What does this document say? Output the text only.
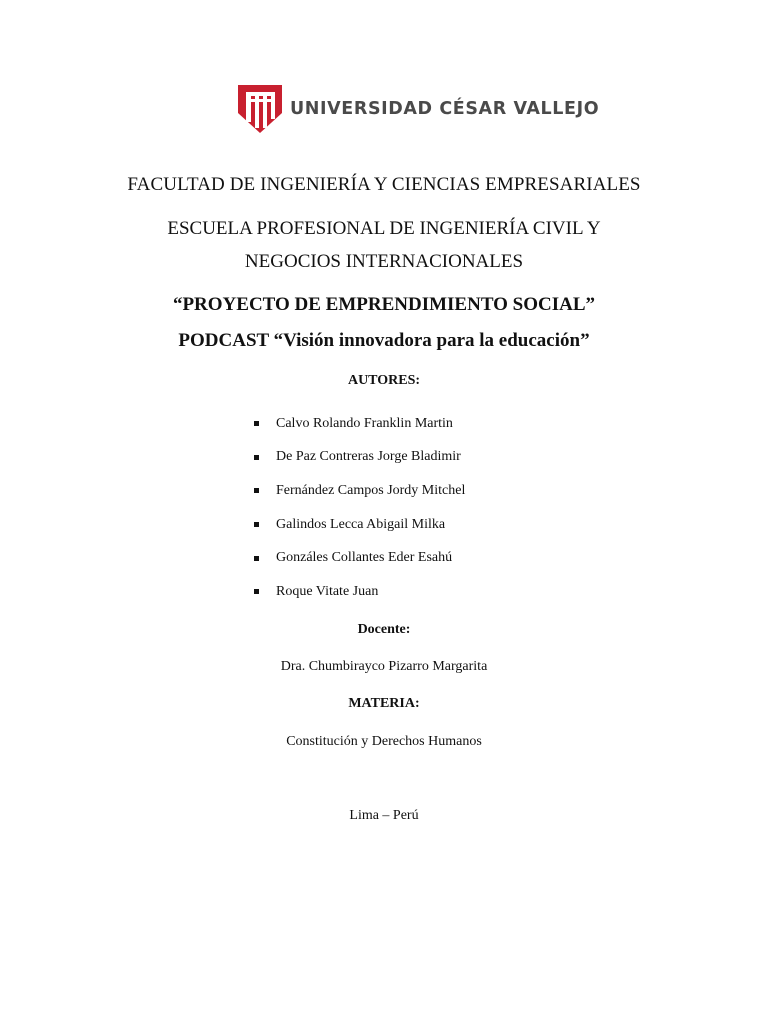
UNIVERSIDAD CÉSAR VALLEJO
FACULTAD DE INGENIERÍA Y CIENCIAS EMPRESARIALES
ESCUELA PROFESIONAL DE INGENIERÍA CIVIL Y
NEGOCIOS INTERNACIONALES
“PROYECTO DE EMPRENDIMIENTO SOCIAL”
PODCAST “Visión innovadora para la educación”
AUTORES:
Calvo Rolando Franklin Martin
De Paz Contreras Jorge Bladimir
Fernández Campos Jordy Mitchel
Galindos Lecca Abigail Milka
Gonzáles Collantes Eder Esahú
Roque Vitate Juan
Docente:
Dra. Chumbirayco Pizarro Margarita
MATERIA:
Constitución y Derechos Humanos
Lima – Perú
